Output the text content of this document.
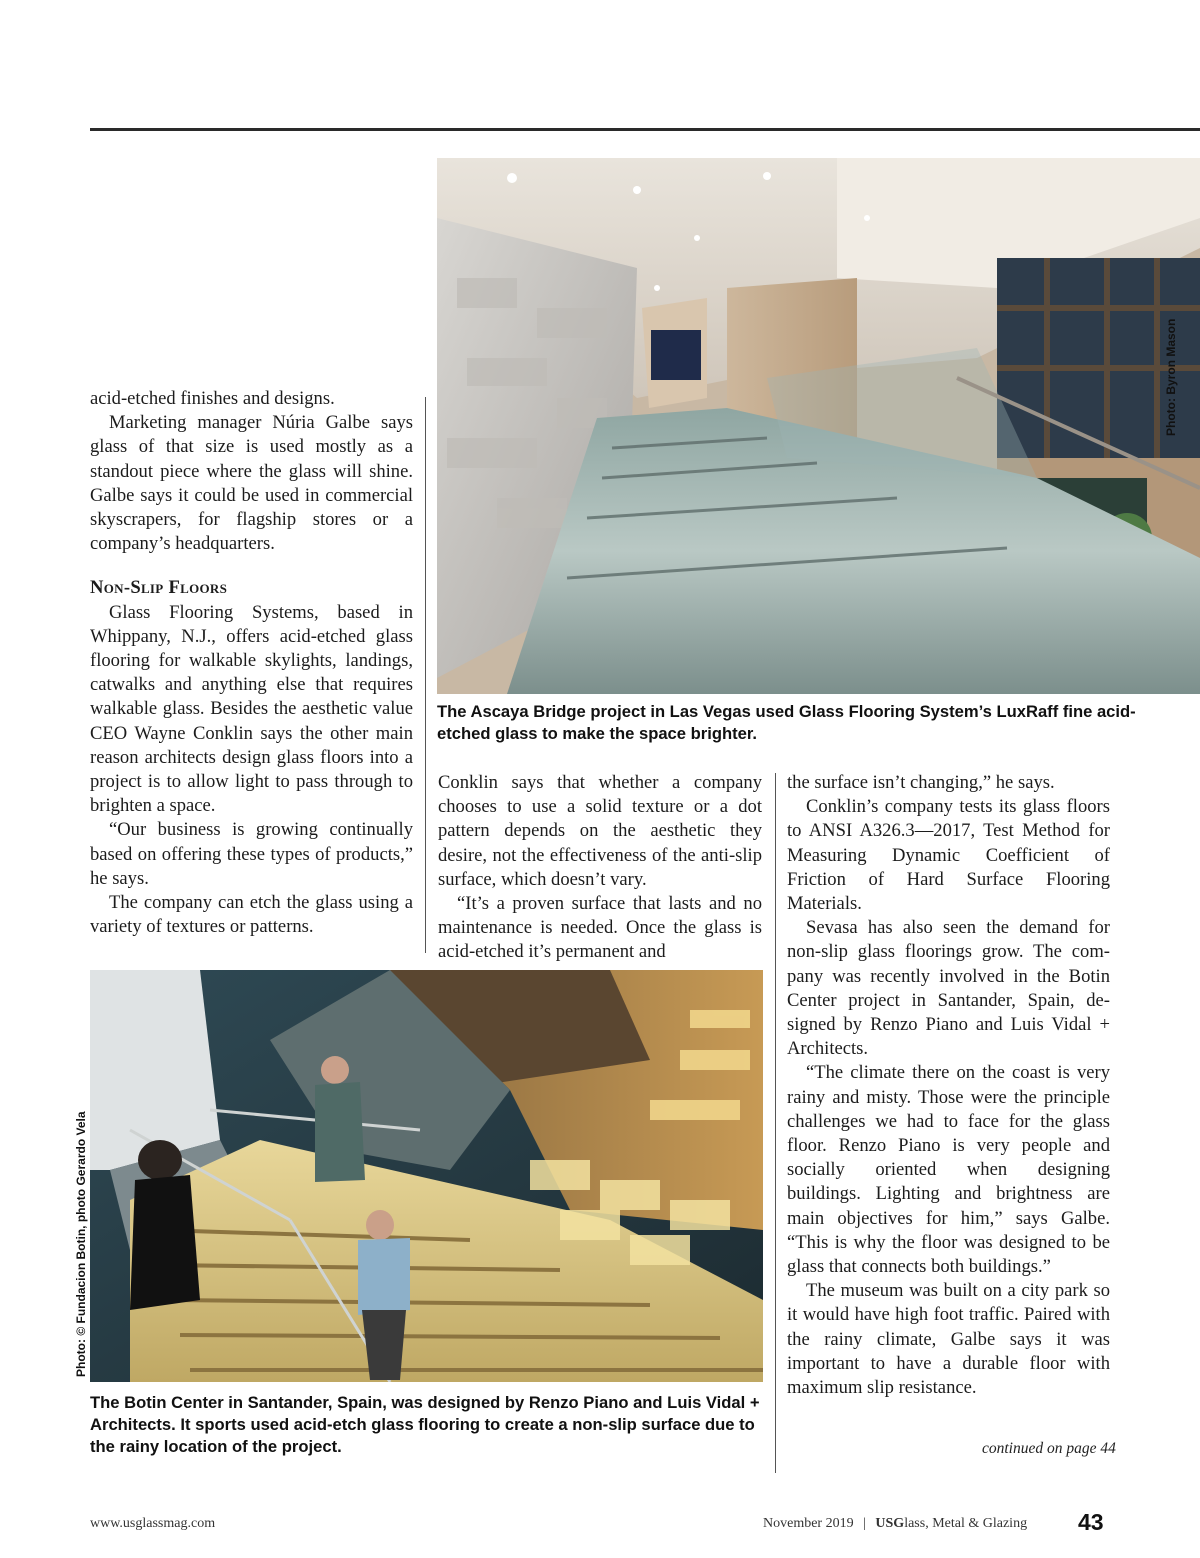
acid-etched finishes and designs.

Marketing manager Núria Galbe says glass of that size is used mostly as a standout piece where the glass will shine. Galbe says it could be used in commercial skyscrapers, for flagship stores or a company’s headquarters.

Non-Slip Floors

Glass Flooring Systems, based in Whippany, N.J., offers acid-etched glass flooring for walkable skylights, landings, catwalks and anything else that requires walkable glass. Besides the aesthetic value CEO Wayne Conklin says the other main reason architects design glass floors into a project is to allow light to pass through to brighten a space.

“Our business is growing continually based on offering these types of products,” he says.

The company can etch the glass using a variety of textures or patterns.

Photo: Byron Mason
The Ascaya Bridge project in Las Vegas used Glass Flooring System’s LuxRaff fine acid-etched glass to make the space brighter.

Conklin says that whether a company chooses to use a solid texture or a dot pattern depends on the aesthetic they desire, not the effectiveness of the anti-slip surface, which doesn’t vary.

“It’s a proven surface that lasts and no maintenance is needed. Once the glass is acid-etched it’s permanent and

the surface isn’t changing,” he says.

Conklin’s company tests its glass floors to ANSI A326.3—2017, Test Method for Measuring Dynamic Coefficient of Friction of Hard Surface Flooring Materials.

Sevasa has also seen the demand for non-slip glass floorings grow. The company was recently involved in the Botin Center project in Santander, Spain, designed by Renzo Piano and Luis Vidal + Architects.

“The climate there on the coast is very rainy and misty. Those were the principle challenges we had to face for the glass floor. Renzo Piano is very people and socially oriented when designing buildings. Lighting and brightness are main objectives for him,” says Galbe. “This is why the floor was designed to be glass that connects both buildings.”

The museum was built on a city park so it would have high foot traffic. Paired with the rainy climate, Galbe says it was important to have a durable floor with maximum slip resistance.

Photo: © Fundacion Botin, photo Gerardo Vela
The Botin Center in Santander, Spain, was designed by Renzo Piano and Luis Vidal + Architects. It sports used acid-etch glass flooring to create a non-slip surface due to the rainy location of the project.	continued on page 44
www.usglassmag.com	November 2019 | USGlass, Metal & Glazing 43
